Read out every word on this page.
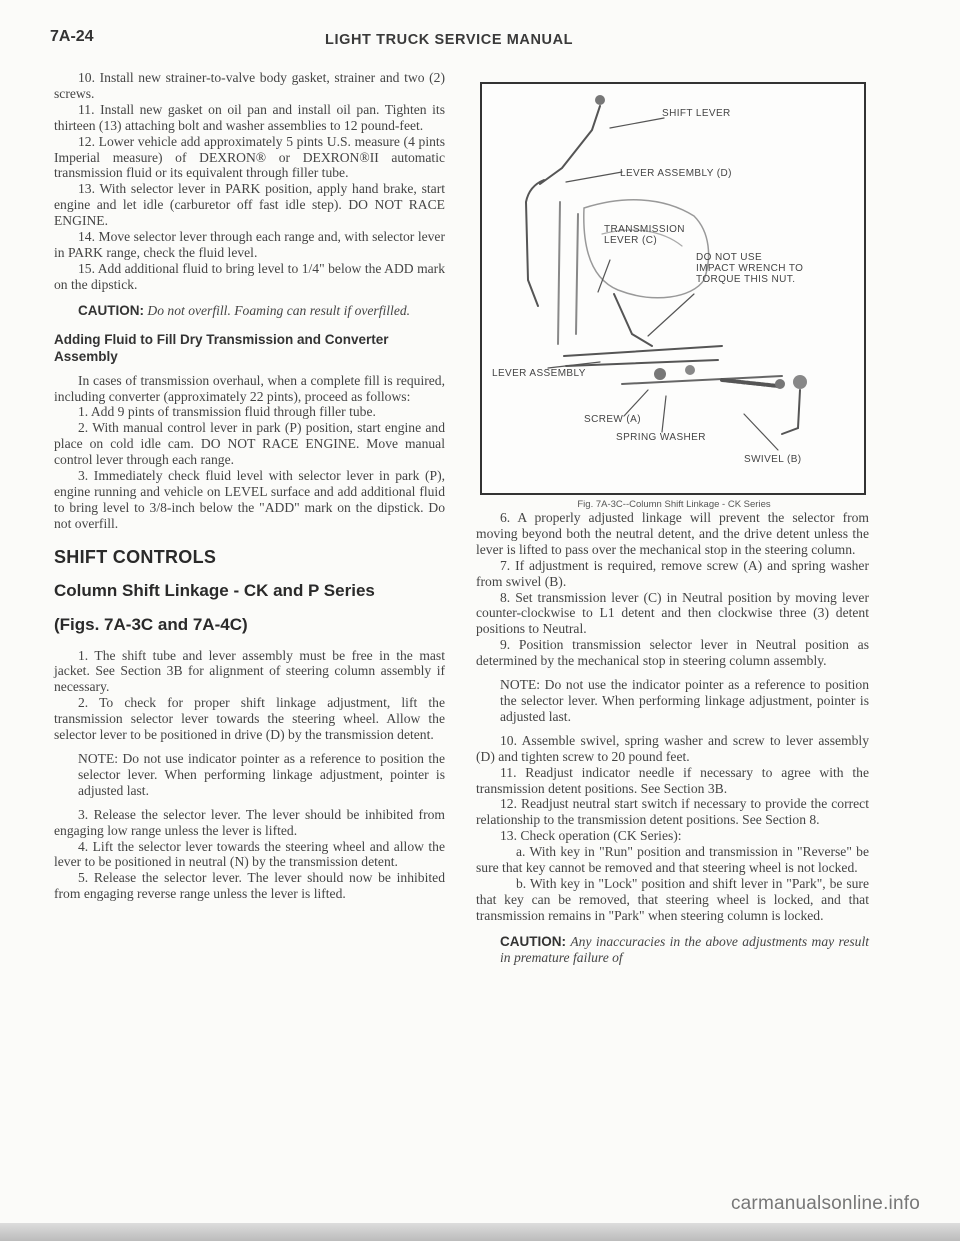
7A-24	LIGHT TRUCK SERVICE MANUAL

10. Install new strainer-to-valve body gasket, strainer and two (2) screws.

11. Install new gasket on oil pan and install oil pan. Tighten its thirteen (13) attaching bolt and washer assemblies to 12 pound-feet.

12. Lower vehicle add approximately 5 pints U.S. measure (4 pints Imperial measure) of DEXRON® or DEXRON®II automatic transmission fluid or its equivalent through filler tube.

13. With selector lever in PARK position, apply hand brake, start engine and let idle (carburetor off fast idle step). DO NOT RACE ENGINE.

14. Move selector lever through each range and, with selector lever in PARK range, check the fluid level.

15. Add additional fluid to bring level to 1/4" below the ADD mark on the dipstick.

CAUTION: Do not overfill. Foaming can result if overfilled.

Adding Fluid to Fill Dry Transmission and Converter Assembly

In cases of transmission overhaul, when a complete fill is required, including converter (approximately 22 pints), proceed as follows:

1. Add 9 pints of transmission fluid through filler tube.

2. With manual control lever in park (P) position, start engine and place on cold idle cam. DO NOT RACE ENGINE. Move manual control lever through each range.

3. Immediately check fluid level with selector lever in park (P), engine running and vehicle on LEVEL surface and add additional fluid to bring level to 3/8-inch below the "ADD" mark on the dipstick. Do not overfill.

SHIFT CONTROLS

Column Shift Linkage - CK and P Series

(Figs. 7A-3C and 7A-4C)

1. The shift tube and lever assembly must be free in the mast jacket. See Section 3B for alignment of steering column assembly if necessary.

2. To check for proper shift linkage adjustment, lift the transmission selector lever towards the steering wheel. Allow the selector lever to be positioned in drive (D) by the transmission detent.

NOTE: Do not use indicator pointer as a reference to position the selector lever. When performing linkage adjustment, pointer is adjusted last.

3. Release the selector lever. The lever should be inhibited from engaging low range unless the lever is lifted.

4. Lift the selector lever towards the steering wheel and allow the lever to be positioned in neutral (N) by the transmission detent.

5. Release the selector lever. The lever should now be inhibited from engaging reverse range unless the lever is lifted.

SHIFT LEVER
LEVER ASSEMBLY (D)
TRANSMISSION
LEVER (C)
DO NOT USE
IMPACT WRENCH TO
TORQUE THIS NUT.
LEVER ASSEMBLY
SCREW (A)
SPRING WASHER
SWIVEL (B)
Fig. 7A-3C--Column Shift Linkage - CK Series

6. A properly adjusted linkage will prevent the selector from moving beyond both the neutral detent, and the drive detent unless the lever is lifted to pass over the mechanical stop in the steering column.

7. If adjustment is required, remove screw (A) and spring washer from swivel (B).

8. Set transmission lever (C) in Neutral position by moving lever counter-clockwise to L1 detent and then clockwise three (3) detent positions to Neutral.

9. Position transmission selector lever in Neutral position as determined by the mechanical stop in steering column assembly.

NOTE: Do not use the indicator pointer as a reference to position the selector lever. When performing linkage adjustment, pointer is adjusted last.

10. Assemble swivel, spring washer and screw to lever assembly (D) and tighten screw to 20 pound feet.

11. Readjust indicator needle if necessary to agree with the transmission detent positions. See Section 3B.

12. Readjust neutral start switch if necessary to provide the correct relationship to the transmission detent positions. See Section 8.

13. Check operation (CK Series):

a. With key in "Run" position and transmission in "Reverse" be sure that key cannot be removed and that steering wheel is not locked.

b. With key in "Lock" position and shift lever in "Park", be sure that key can be removed, that steering wheel is locked, and that transmission remains in "Park" when steering column is locked.

CAUTION: Any inaccuracies in the above adjustments may result in premature failure of

carmanualsonline.info
